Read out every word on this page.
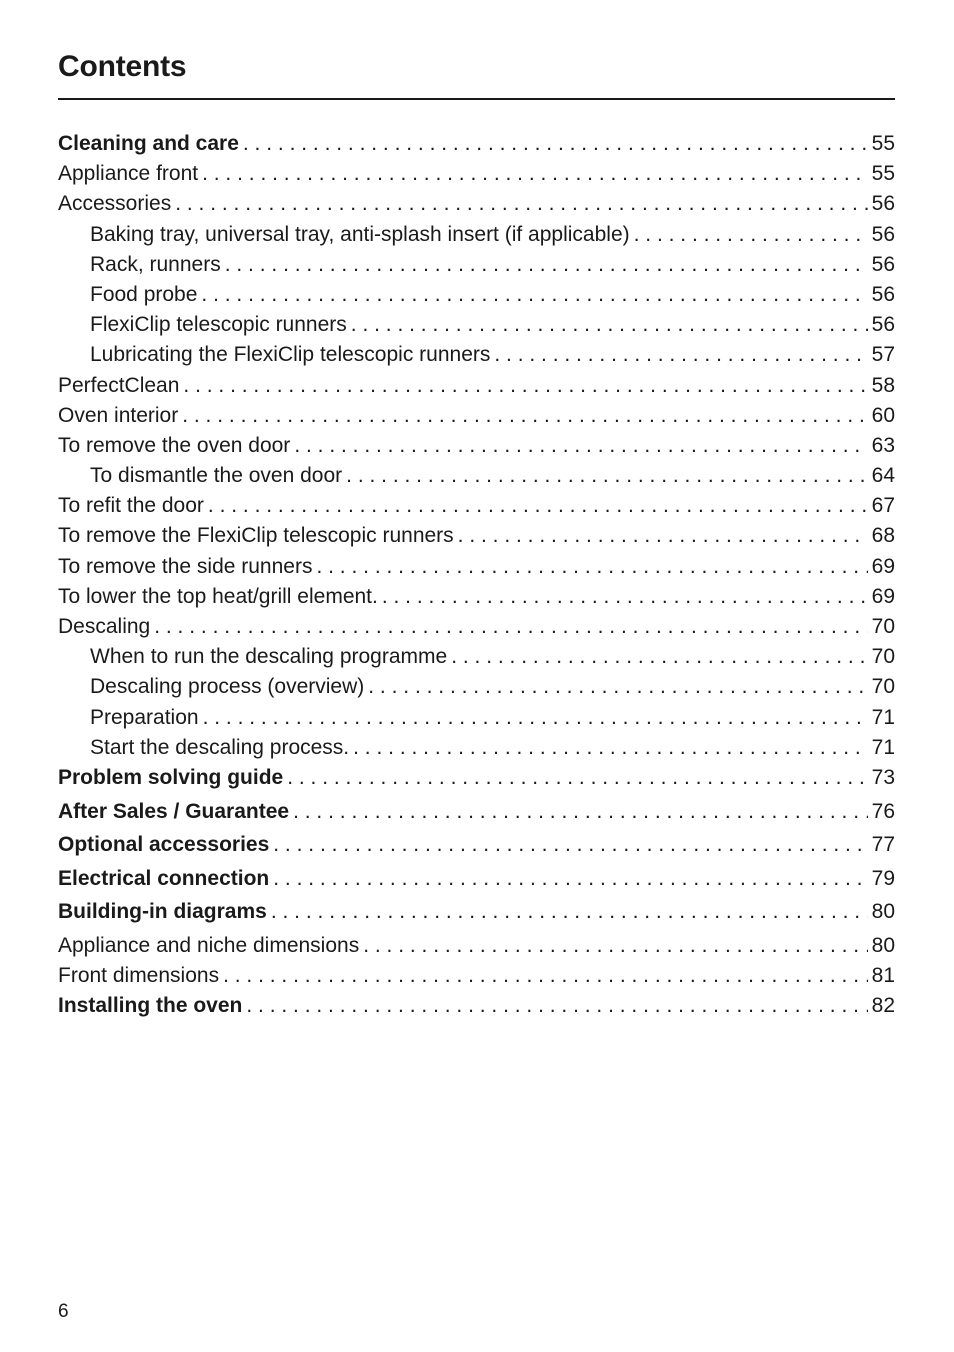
Contents
Cleaning and care . . .	55
Appliance front . . .	55
Accessories . . .	56
Baking tray, universal tray, anti-splash insert (if applicable) . . .	56
Rack, runners . . .	56
Food probe . . .	56
FlexiClip telescopic runners . . .	56
Lubricating the FlexiClip telescopic runners . . .	57
PerfectClean . . .	58
Oven interior . . .	60
To remove the oven door . . .	63
To dismantle the oven door . . .	64
To refit the door . . .	67
To remove the FlexiClip telescopic runners . . .	68
To remove the side runners . . .	69
To lower the top heat/grill element. . . .	69
Descaling . . .	70
When to run the descaling programme . . .	70
Descaling process (overview) . . .	70
Preparation . . .	71
Start the descaling process. . . .	71
Problem solving guide . . .	73
After Sales / Guarantee . . .	76
Optional accessories . . .	77
Electrical connection . . .	79
Building-in diagrams . . .	80
Appliance and niche dimensions . . .	80
Front dimensions . . .	81
Installing the oven . . .	82
6
